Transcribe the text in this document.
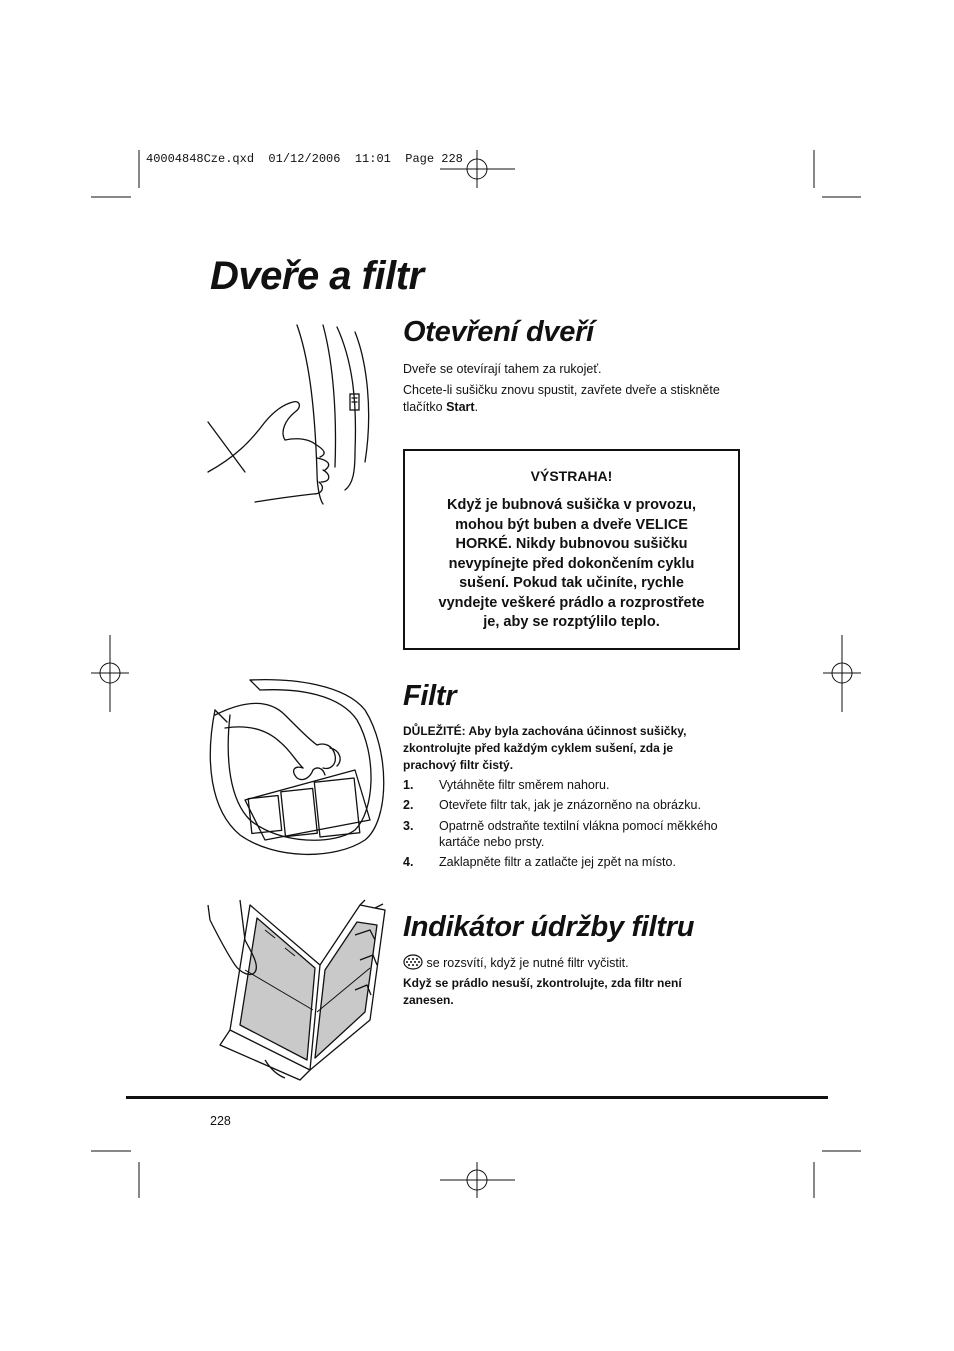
40004848Cze.qxd  01/12/2006  11:01  Page 228
Dveře a filtr
Otevření dveří

Dveře se otevírají tahem za rukojeť.

Chcete-li sušičku znovu spustit, zavřete dveře a stiskněte
tlačítko Start.

VÝSTRAHA!
Když je bubnová sušička v provozu,
mohou být buben a dveře VELICE
HORKÉ. Nikdy bubnovou sušičku
nevypínejte před dokončením cyklu
sušení. Pokud tak učiníte, rychle
vyndejte veškeré prádlo a rozprostřete
je, aby se rozptýlilo teplo.
Filtr
DŮLEŽITÉ: Aby byla zachována účinnost sušičky,
zkontrolujte před každým cyklem sušení, zda je
prachový filtr čistý.
1. Vytáhněte filtr směrem nahoru.
2. Otevřete filtr tak, jak je znázorněno na obrázku.
3. Opatrně odstraňte textilní vlákna pomocí měkkého kartáče nebo prsty.
4. Zaklapněte filtr a zatlačte jej zpět na místo.
Indikátor údržby filtru
se rozsvítí, když je nutné filtr vyčistit.
Když se prádlo nesuší, zkontrolujte, zda filtr není
zanesen.
228
